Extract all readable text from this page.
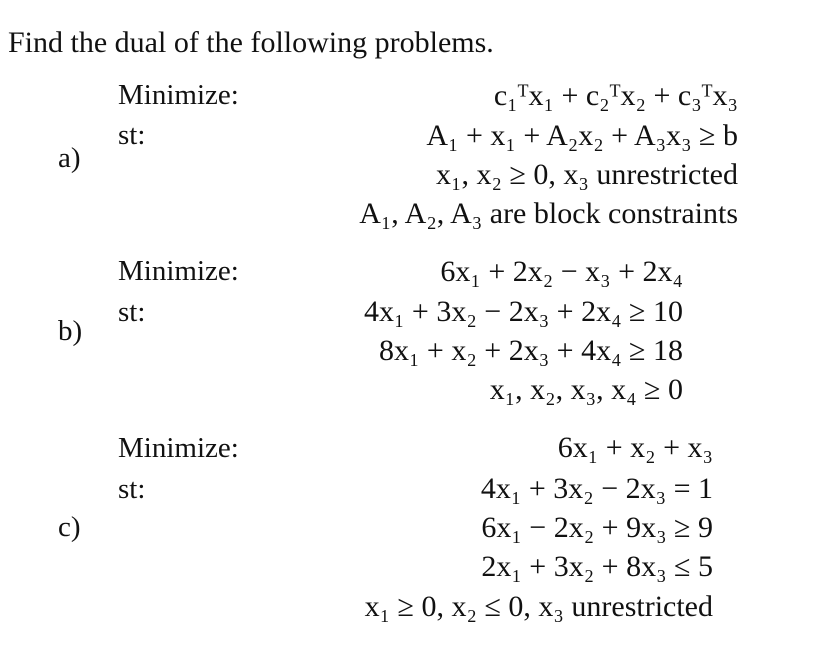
Find the dual of the following problems.
a)
Minimize:
st:
c₁ᵀx₁ + c₂ᵀx₂ + c₃ᵀx₃
A₁ + x₁ + A₂x₂ + A₃x₃ ≥ b
x₁, x₂ ≥ 0, x₃ unrestricted
A₁, A₂, A₃ are block constraints
b)
Minimize:
st:
6x₁ + 2x₂ − x₃ + 2x₄
4x₁ + 3x₂ − 2x₃ + 2x₄ ≥ 10
8x₁ + x₂ + 2x₃ + 4x₄ ≥ 18
x₁, x₂, x₃, x₄ ≥ 0
c)
Minimize:
st:
6x₁ + x₂ + x₃
4x₁ + 3x₂ − 2x₃ = 1
6x₁ − 2x₂ + 9x₃ ≥ 9
2x₁ + 3x₂ + 8x₃ ≤ 5
x₁ ≥ 0, x₂ ≤ 0, x₃ unrestricted
